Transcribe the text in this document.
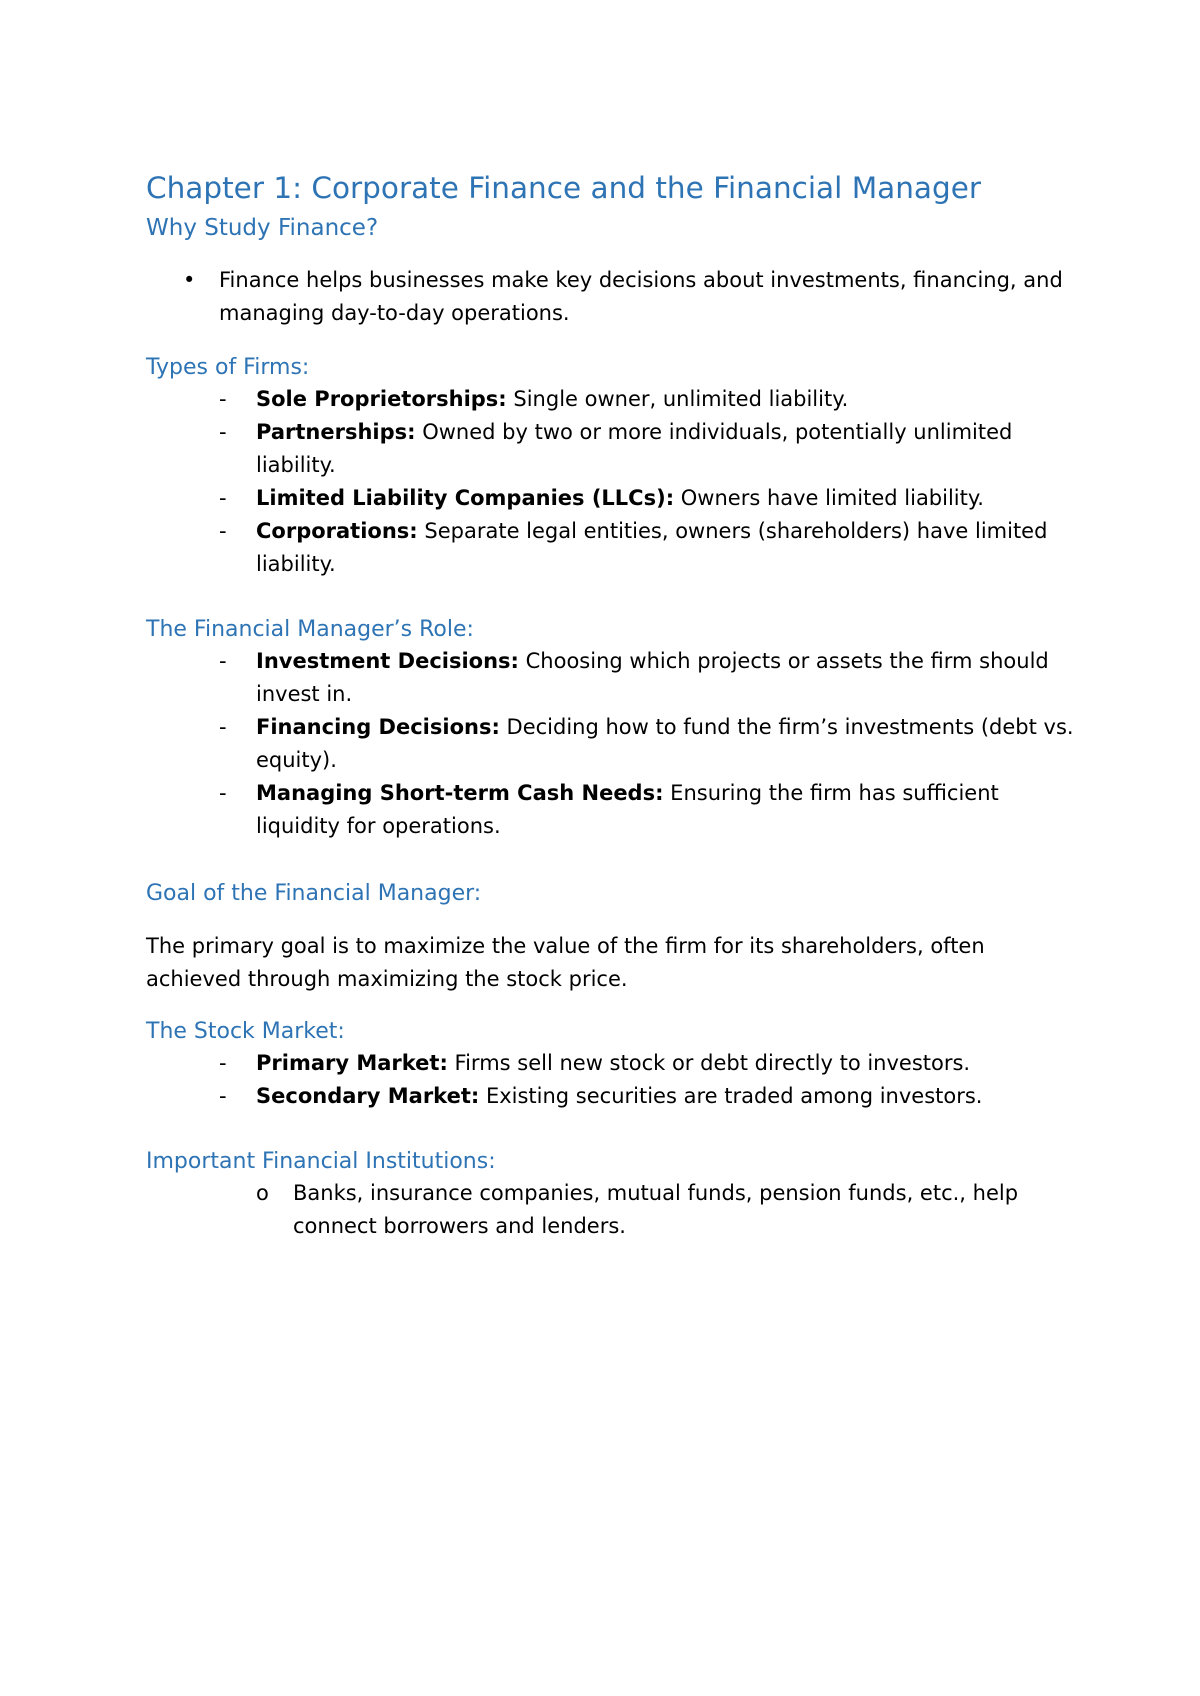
Chapter 1: Corporate Finance and the Financial Manager
Why Study Finance?
• Finance helps businesses make key decisions about investments, financing, and managing day-to-day operations.
Types of Firms:
- Sole Proprietorships: Single owner, unlimited liability.
- Partnerships: Owned by two or more individuals, potentially unlimited liability.
- Limited Liability Companies (LLCs): Owners have limited liability.
- Corporations: Separate legal entities, owners (shareholders) have limited liability.
The Financial Manager’s Role:
- Investment Decisions: Choosing which projects or assets the firm should invest in.
- Financing Decisions: Deciding how to fund the firm’s investments (debt vs. equity).
- Managing Short-term Cash Needs: Ensuring the firm has sufficient liquidity for operations.
Goal of the Financial Manager:

The primary goal is to maximize the value of the firm for its shareholders, often achieved through maximizing the stock price.

The Stock Market:
- Primary Market: Firms sell new stock or debt directly to investors.
- Secondary Market: Existing securities are traded among investors.
Important Financial Institutions:
o Banks, insurance companies, mutual funds, pension funds, etc., help connect borrowers and lenders.
